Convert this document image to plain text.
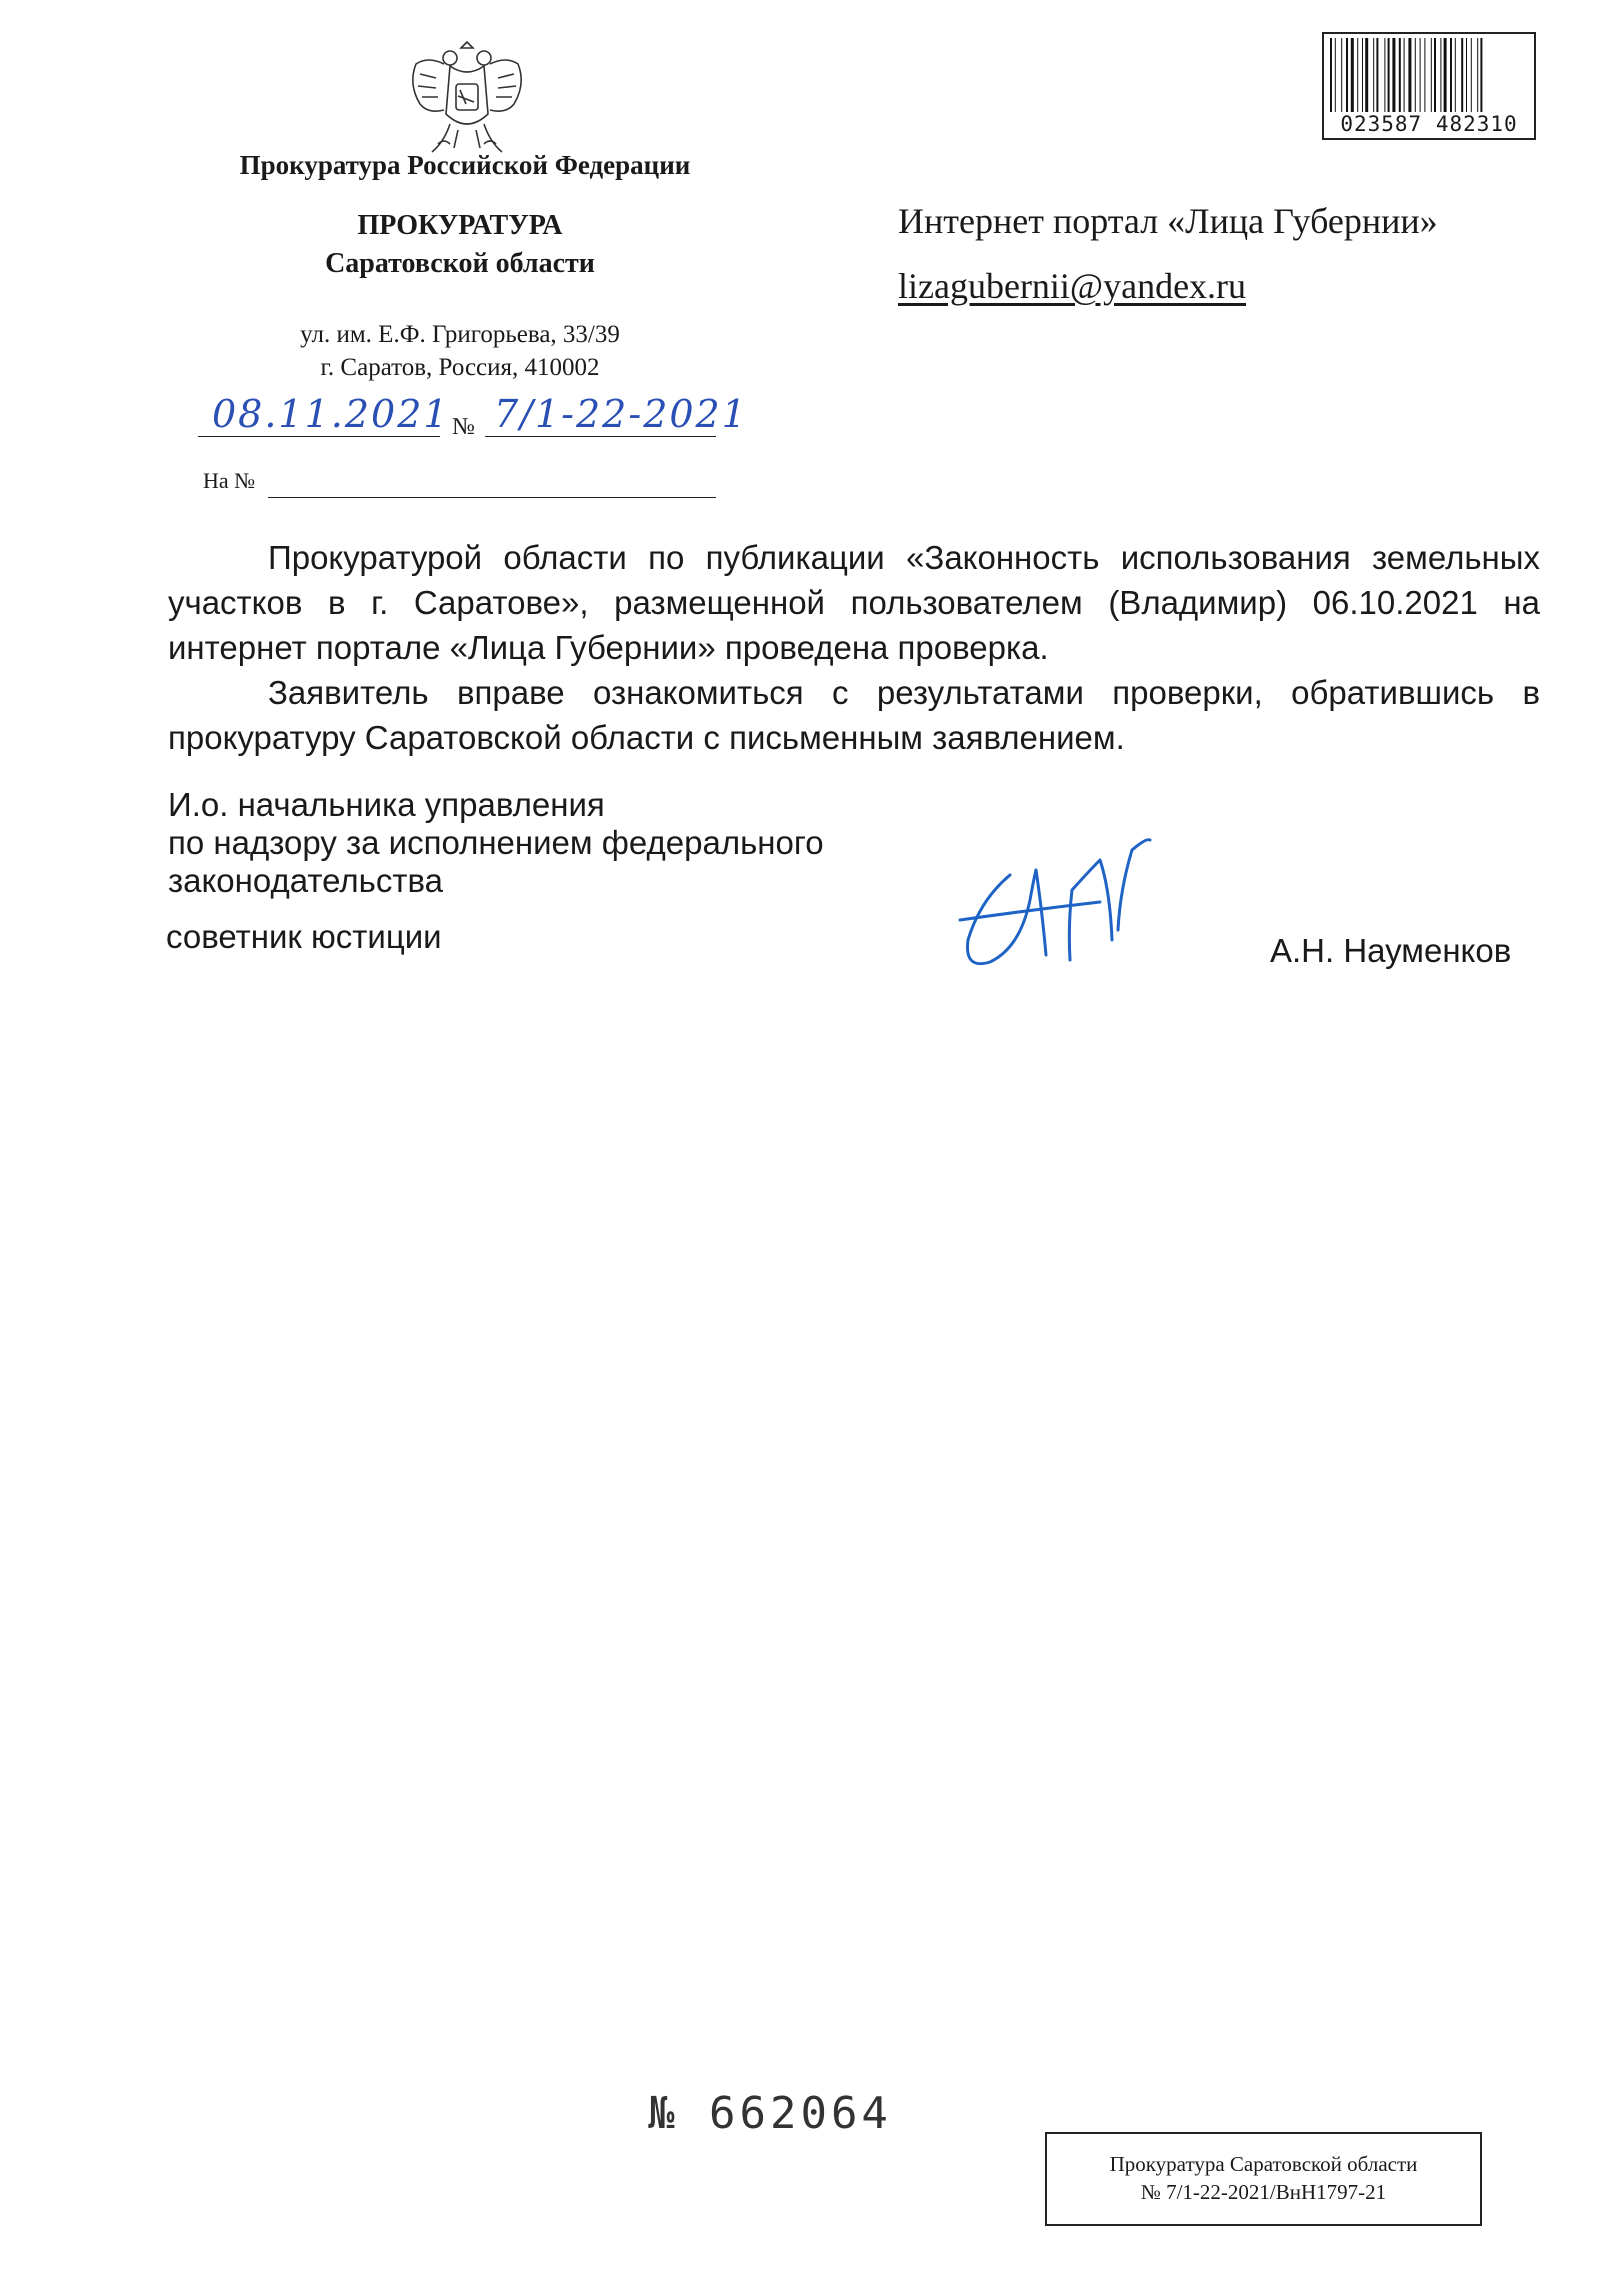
Прокуратура Российской Федерации
ПРОКУРАТУРА
Саратовской области
ул. им. Е.Ф. Григорьева, 33/39
г. Саратов, Россия, 410002
08.11.2021 № 7/1-22-2021
На №
Интернет портал «Лица Губернии»
lizagubernii@yandex.ru
023587 482310

Прокуратурой области по публикации «Законность использования земельных участков в г. Саратове», размещенной пользователем (Владимир) 06.10.2021 на интернет портале «Лица Губернии» проведена проверка.

Заявитель вправе ознакомиться с результатами проверки, обратившись в прокуратуру Саратовской области с письменным заявлением.

И.о. начальника управления
по надзору за исполнением федерального
законодательства
советник юстиции	А.Н. Науменков
№ 662064
Прокуратура Саратовской области
№ 7/1-22-2021/ВнН1797-21
